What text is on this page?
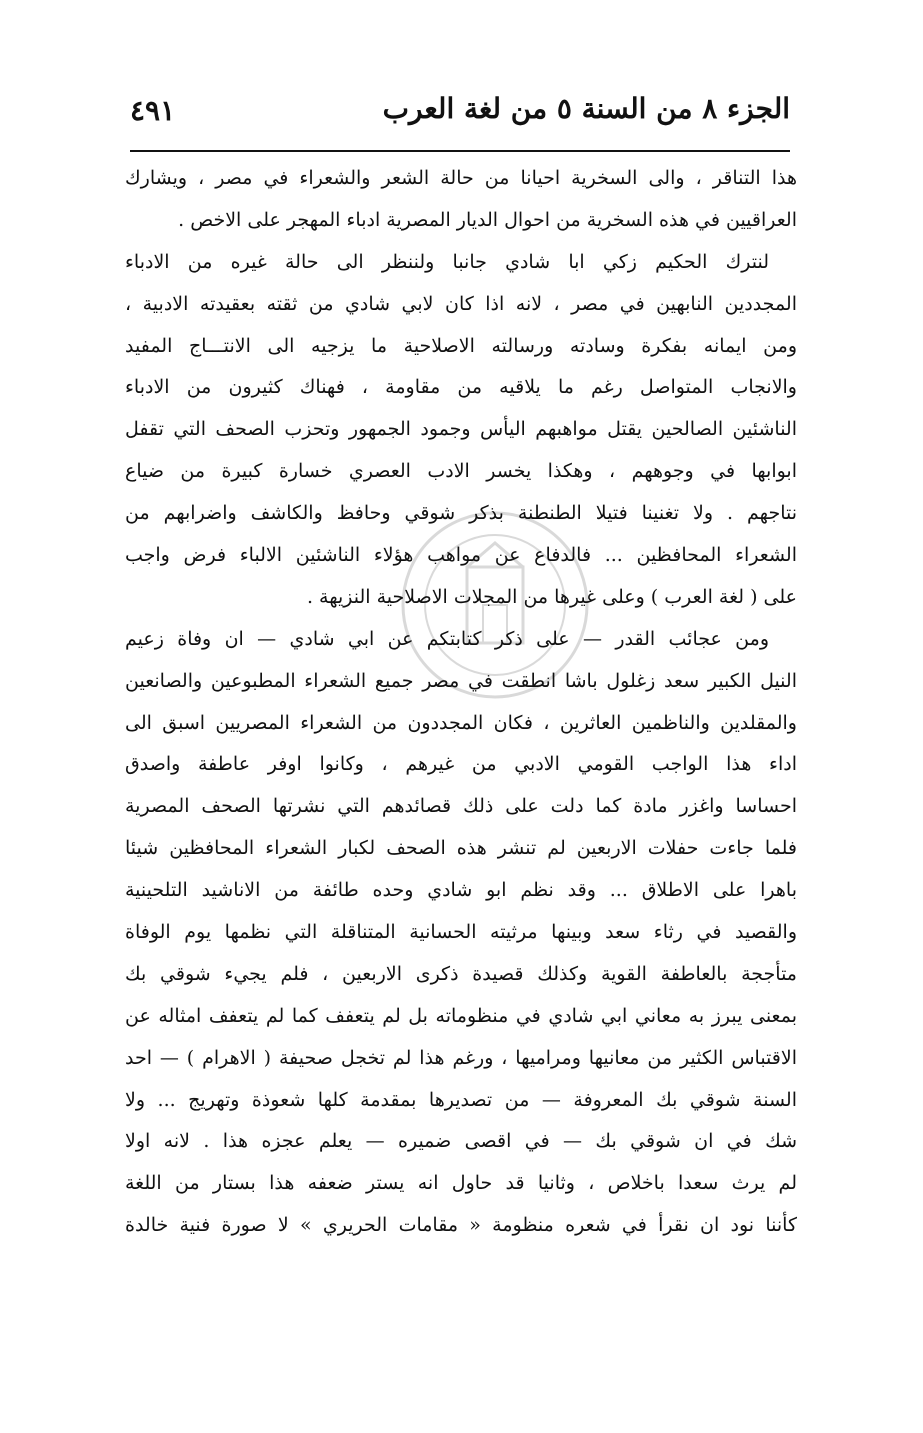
الجزء ٨ من السنة ٥ من لغة العرب
٤٩١
هذا التناقر ، والى السخرية احيانا من حالة الشعر والشعراء في مصر ، ويشارك
العراقيين في هذه السخرية من احوال الديار المصرية ادباء المهجر على الاخص .
لنترك الحكيم زكي ابا شادي جانبا ولننظر الى حالة غيره من الادباء
المجددين النابهين في مصر ، لانه اذا كان لابي شادي من ثقته بعقيدته الادبية ،
ومن ايمانه بفكرة وسادته ورسالته الاصلاحية ما يزجيه الى الانتـــاج المفيد
والانجاب المتواصل رغم ما يلاقيه من مقاومة ، فهناك كثيرون من الادباء
الناشئين الصالحين يقتل مواهبهم اليأس وجمود الجمهور وتحزب الصحف التي تقفل
ابوابها في وجوههم ، وهكذا يخسر الادب العصري خسارة كبيرة من ضياع
نتاجهم . ولا تغنينا فتيلا الطنطنة بذكر شوقي وحافظ والكاشف واضرابهم من
الشعراء المحافظين ... فالدفاع عن مواهب هؤلاء الناشئين الالباء فرض واجب
على ( لغة العرب ) وعلى غيرها من المجلات الاصلاحية النزيهة .
ومن عجائب القدر — على ذكر كتابتكم عن ابي شادي — ان وفاة زعيم
النيل الكبير سعد زغلول باشا انطقت في مصر جميع الشعراء المطبوعين والصانعين
والمقلدين والناظمين العاثرين ، فكان المجددون من الشعراء المصريين اسبق الى
اداء هذا الواجب القومي الادبي من غيرهم ، وكانوا اوفر عاطفة واصدق
احساسا واغزر مادة كما دلت على ذلك قصائدهم التي نشرتها الصحف المصرية
فلما جاءت حفلات الاربعين لم تنشر هذه الصحف لكبار الشعراء المحافظين شيئا
باهرا على الاطلاق ... وقد نظم ابو شادي وحده طائفة من الاناشيد التلحينية
والقصيد في رثاء سعد وبينها مرثيته الحسانية المتناقلة التي نظمها يوم الوفاة
متأججة بالعاطفة القوية وكذلك قصيدة ذكرى الاربعين ، فلم يجيء شوقي بك
بمعنى يبرز به معاني ابي شادي في منظوماته بل لم يتعفف كما لم يتعفف امثاله عن
الاقتباس الكثير من معانيها ومراميها ، ورغم هذا لم تخجل صحيفة ( الاهرام ) — احد
السنة شوقي بك المعروفة — من تصديرها بمقدمة كلها شعوذة وتهريج ... ولا
شك في ان شوقي بك — في اقصى ضميره — يعلم عجزه هذا . لانه اولا
لم يرث سعدا باخلاص ، وثانيا قد حاول انه يستر ضعفه هذا بستار من اللغة
كأننا نود ان نقرأ في شعره منظومة « مقامات الحريري » لا صورة فنية خالدة
